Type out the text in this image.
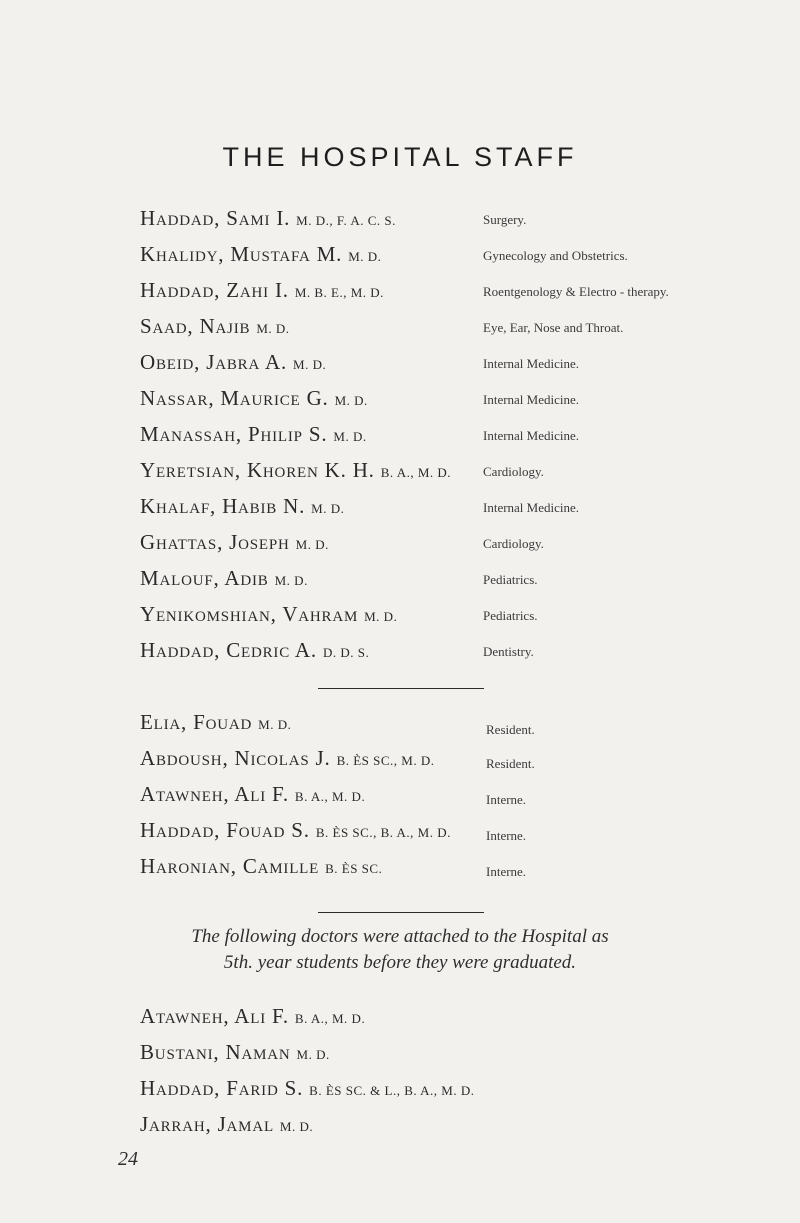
THE HOSPITAL STAFF
Haddad, Sami I. M. D., F. A. C. S.	Surgery.
Khalidy, Mustafa M. M. D.	Gynecology and Obstetrics.
Haddad, Zahi I. M. B. E., M. D.	Roentgenology & Electro - therapy.
Saad, Najib M. D.	Eye, Ear, Nose and Throat.
Obeid, Jabra A. M. D.	Internal Medicine.
Nassar, Maurice G. M. D.	Internal Medicine.
Manassah, Philip S. M. D.	Internal Medicine.
Yeretsian, Khoren K. H. B. A., M. D. Cardiology.
Khalaf, Habib N. M. D.	Internal Medicine.
Ghattas, Joseph M. D.	Cardiology.
Malouf, Adib M. D.	Pediatrics.
Yenikomshian, Vahram M. D.	Pediatrics.
Haddad, Cedric A. D. D. S.	Dentistry.
Elia, Fouad M. D.	Resident.
Abdoush, Nicolas J. B. ÈS SC., M. D.	Resident.
Atawneh, Ali F. B. A., M. D.	Interne.
Haddad, Fouad S. B. ÈS SC., B. A., M. D.	Interne.
Haronian, Camille B. ÈS SC.	Interne.
The following doctors were attached to the Hospital as
5th. year students before they were graduated.
Atawneh, Ali F. B. A., M. D.
Bustani, Naman M. D.
Haddad, Farid S. B. ÈS SC. & L., B. A., M. D.
Jarrah, Jamal M. D.
24
